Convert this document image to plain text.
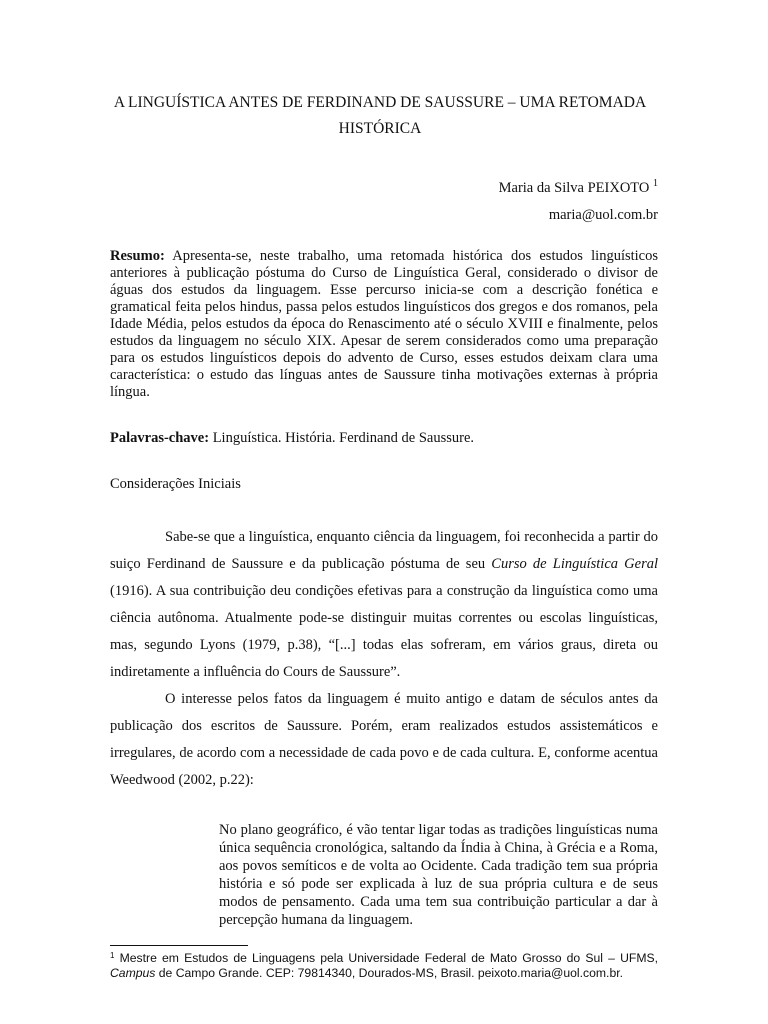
A LINGUÍSTICA ANTES DE FERDINAND DE SAUSSURE – UMA RETOMADA
HISTÓRICA
Maria da Silva PEIXOTO $^1$
maria@uol.com.br

Resumo: Apresenta-se, neste trabalho, uma retomada histórica dos estudos linguísticos anteriores à publicação póstuma do Curso de Linguística Geral, considerado o divisor de águas dos estudos da linguagem. Esse percurso inicia-se com a descrição fonética e gramatical feita pelos hindus, passa pelos estudos linguísticos dos gregos e dos romanos, pela Idade Média, pelos estudos da época do Renascimento até o século XVIII e finalmente, pelos estudos da linguagem no século XIX. Apesar de serem considerados como uma preparação para os estudos linguísticos depois do advento de Curso, esses estudos deixam clara uma característica: o estudo das línguas antes de Saussure tinha motivações externas à própria língua.

Palavras-chave: Linguística. História. Ferdinand de Saussure.

Considerações Iniciais

Sabe-se que a linguística, enquanto ciência da linguagem, foi reconhecida a partir do suiço Ferdinand de Saussure e da publicação póstuma de seu Curso de Linguística Geral (1916). A sua contribuição deu condições efetivas para a construção da linguística como uma ciência autônoma. Atualmente pode-se distinguir muitas correntes ou escolas linguísticas, mas, segundo Lyons (1979, p.38), “[...] todas elas sofreram, em vários graus, direta ou indiretamente a influência do Cours de Saussure”.

O interesse pelos fatos da linguagem é muito antigo e datam de séculos antes da publicação dos escritos de Saussure. Porém, eram realizados estudos assistemáticos e irregulares, de acordo com a necessidade de cada povo e de cada cultura. E, conforme acentua Weedwood (2002, p.22):

No plano geográfico, é vão tentar ligar todas as tradições linguísticas numa única sequência cronológica, saltando da Índia à China, à Grécia e a Roma, aos povos semíticos e de volta ao Ocidente. Cada tradição tem sua própria história e só pode ser explicada à luz de sua própria cultura e de seus modos de pensamento. Cada uma tem sua contribuição particular a dar à percepção humana da linguagem.

$^1$ Mestre em Estudos de Linguagens pela Universidade Federal de Mato Grosso do Sul – UFMS, Campus de Campo Grande. CEP: 79814340, Dourados-MS, Brasil. peixoto.maria@uol.com.br.
